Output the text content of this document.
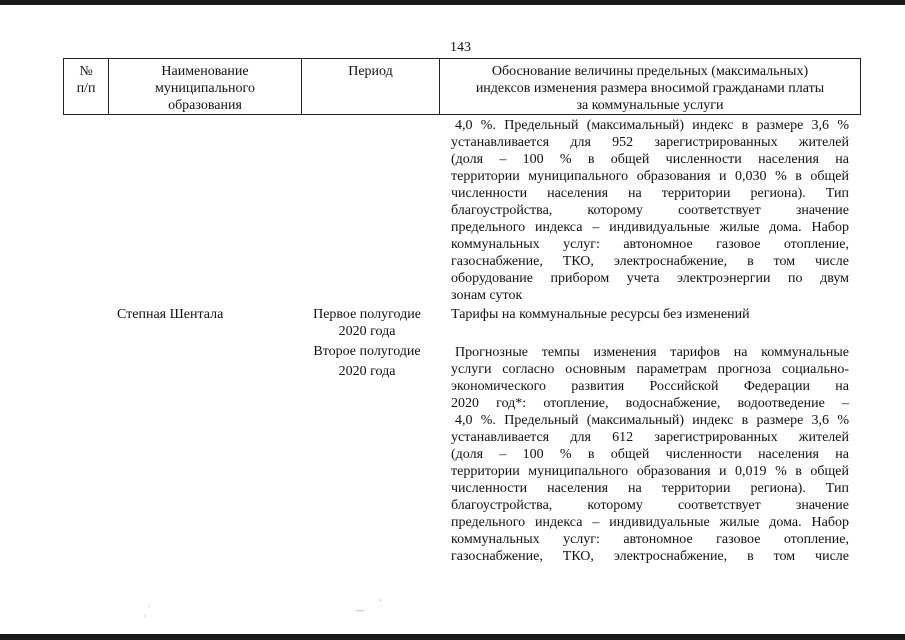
143
№
п/п
Наименование
муниципального
образования
Период	Обоснование величины предельных (максимальных)
индексов изменения размера вносимой гражданами платы
за коммунальные услуги

4,0 %. Предельный (максимальный) индекс в размере 3,6 %

устанавливается для 952 зарегистрированных жителей

(доля – 100 % в общей численности населения на

территории муниципального образования и 0,030 % в общей

численности населения на территории региона). Тип

благоустройства, которому соответствует значение

предельного индекса – индивидуальные жилые дома. Набор

коммунальных услуг: автономное газовое отопление,

газоснабжение, ТКО, электроснабжение, в том числе

оборудование прибором учета электроэнергии по двум

зонам суток

Степная Шентала	Первое полугодие
2020 года
Тарифы на коммунальные ресурсы без изменений
Второе полугодие
2020 года

Прогнозные темпы изменения тарифов на коммунальные

услуги согласно основным параметрам прогноза социально-

экономического развития Российской Федерации на

2020 год*: отопление, водоснабжение, водоотведение –

4,0 %. Предельный (максимальный) индекс в размере 3,6 %

устанавливается для 612 зарегистрированных жителей

(доля – 100 % в общей численности населения на

территории муниципального образования и 0,019 % в общей

численности населения на территории региона). Тип

благоустройства, которому соответствует значение

предельного индекса – индивидуальные жилые дома. Набор

коммунальных услуг: автономное газовое отопление,

газоснабжение, ТКО, электроснабжение, в том числе

·
·
---
'
